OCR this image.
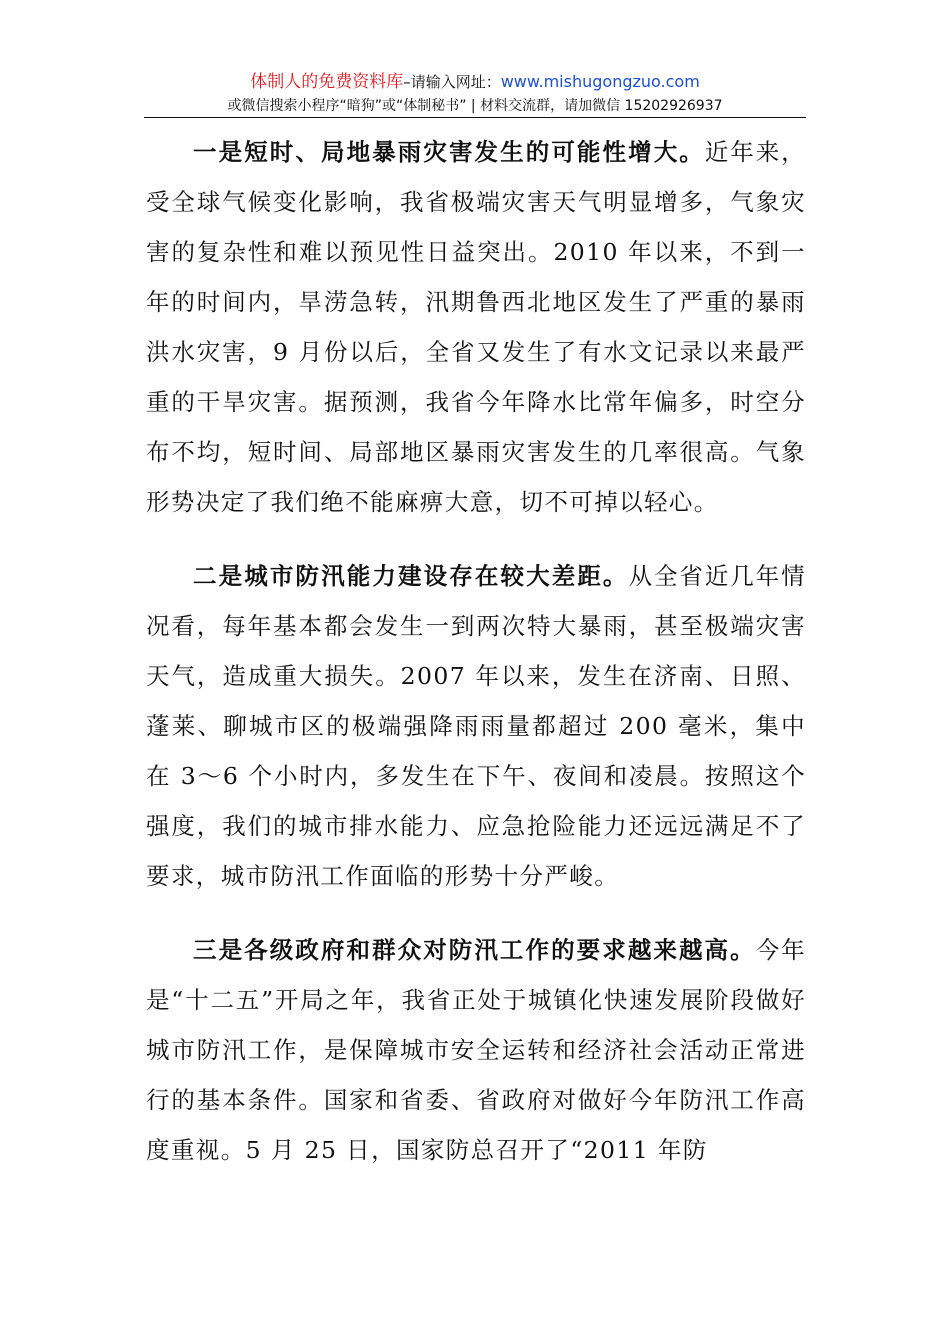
体制人的免费资料库–请输入网址：www.mishugongzuo.com
或微信搜索小程序“暗狗”或“体制秘书” | 材料交流群，请加微信 15202926937

一是短时、局地暴雨灾害发生的可能性增大。近年来，受全球气候变化影响，我省极端灾害天气明显增多，气象灾害的复杂性和难以预见性日益突出。2010 年以来，不到一年的时间内，旱涝急转，汛期鲁西北地区发生了严重的暴雨洪水灾害，9 月份以后，全省又发生了有水文记录以来最严重的干旱灾害。据预测，我省今年降水比常年偏多，时空分布不均，短时间、局部地区暴雨灾害发生的几率很高。气象形势决定了我们绝不能麻痹大意，切不可掉以轻心。

二是城市防汛能力建设存在较大差距。从全省近几年情况看，每年基本都会发生一到两次特大暴雨，甚至极端灾害天气，造成重大损失。2007 年以来，发生在济南、日照、蓬莱、聊城市区的极端强降雨雨量都超过 200 毫米，集中在 3～6 个小时内，多发生在下午、夜间和凌晨。按照这个强度，我们的城市排水能力、应急抢险能力还远远满足不了要求，城市防汛工作面临的形势十分严峻。

三是各级政府和群众对防汛工作的要求越来越高。今年是“十二五”开局之年，我省正处于城镇化快速发展阶段做好城市防汛工作，是保障城市安全运转和经济社会活动正常进行的基本条件。国家和省委、省政府对做好今年防汛工作高度重视。5 月 25 日，国家防总召开了“2011 年防
